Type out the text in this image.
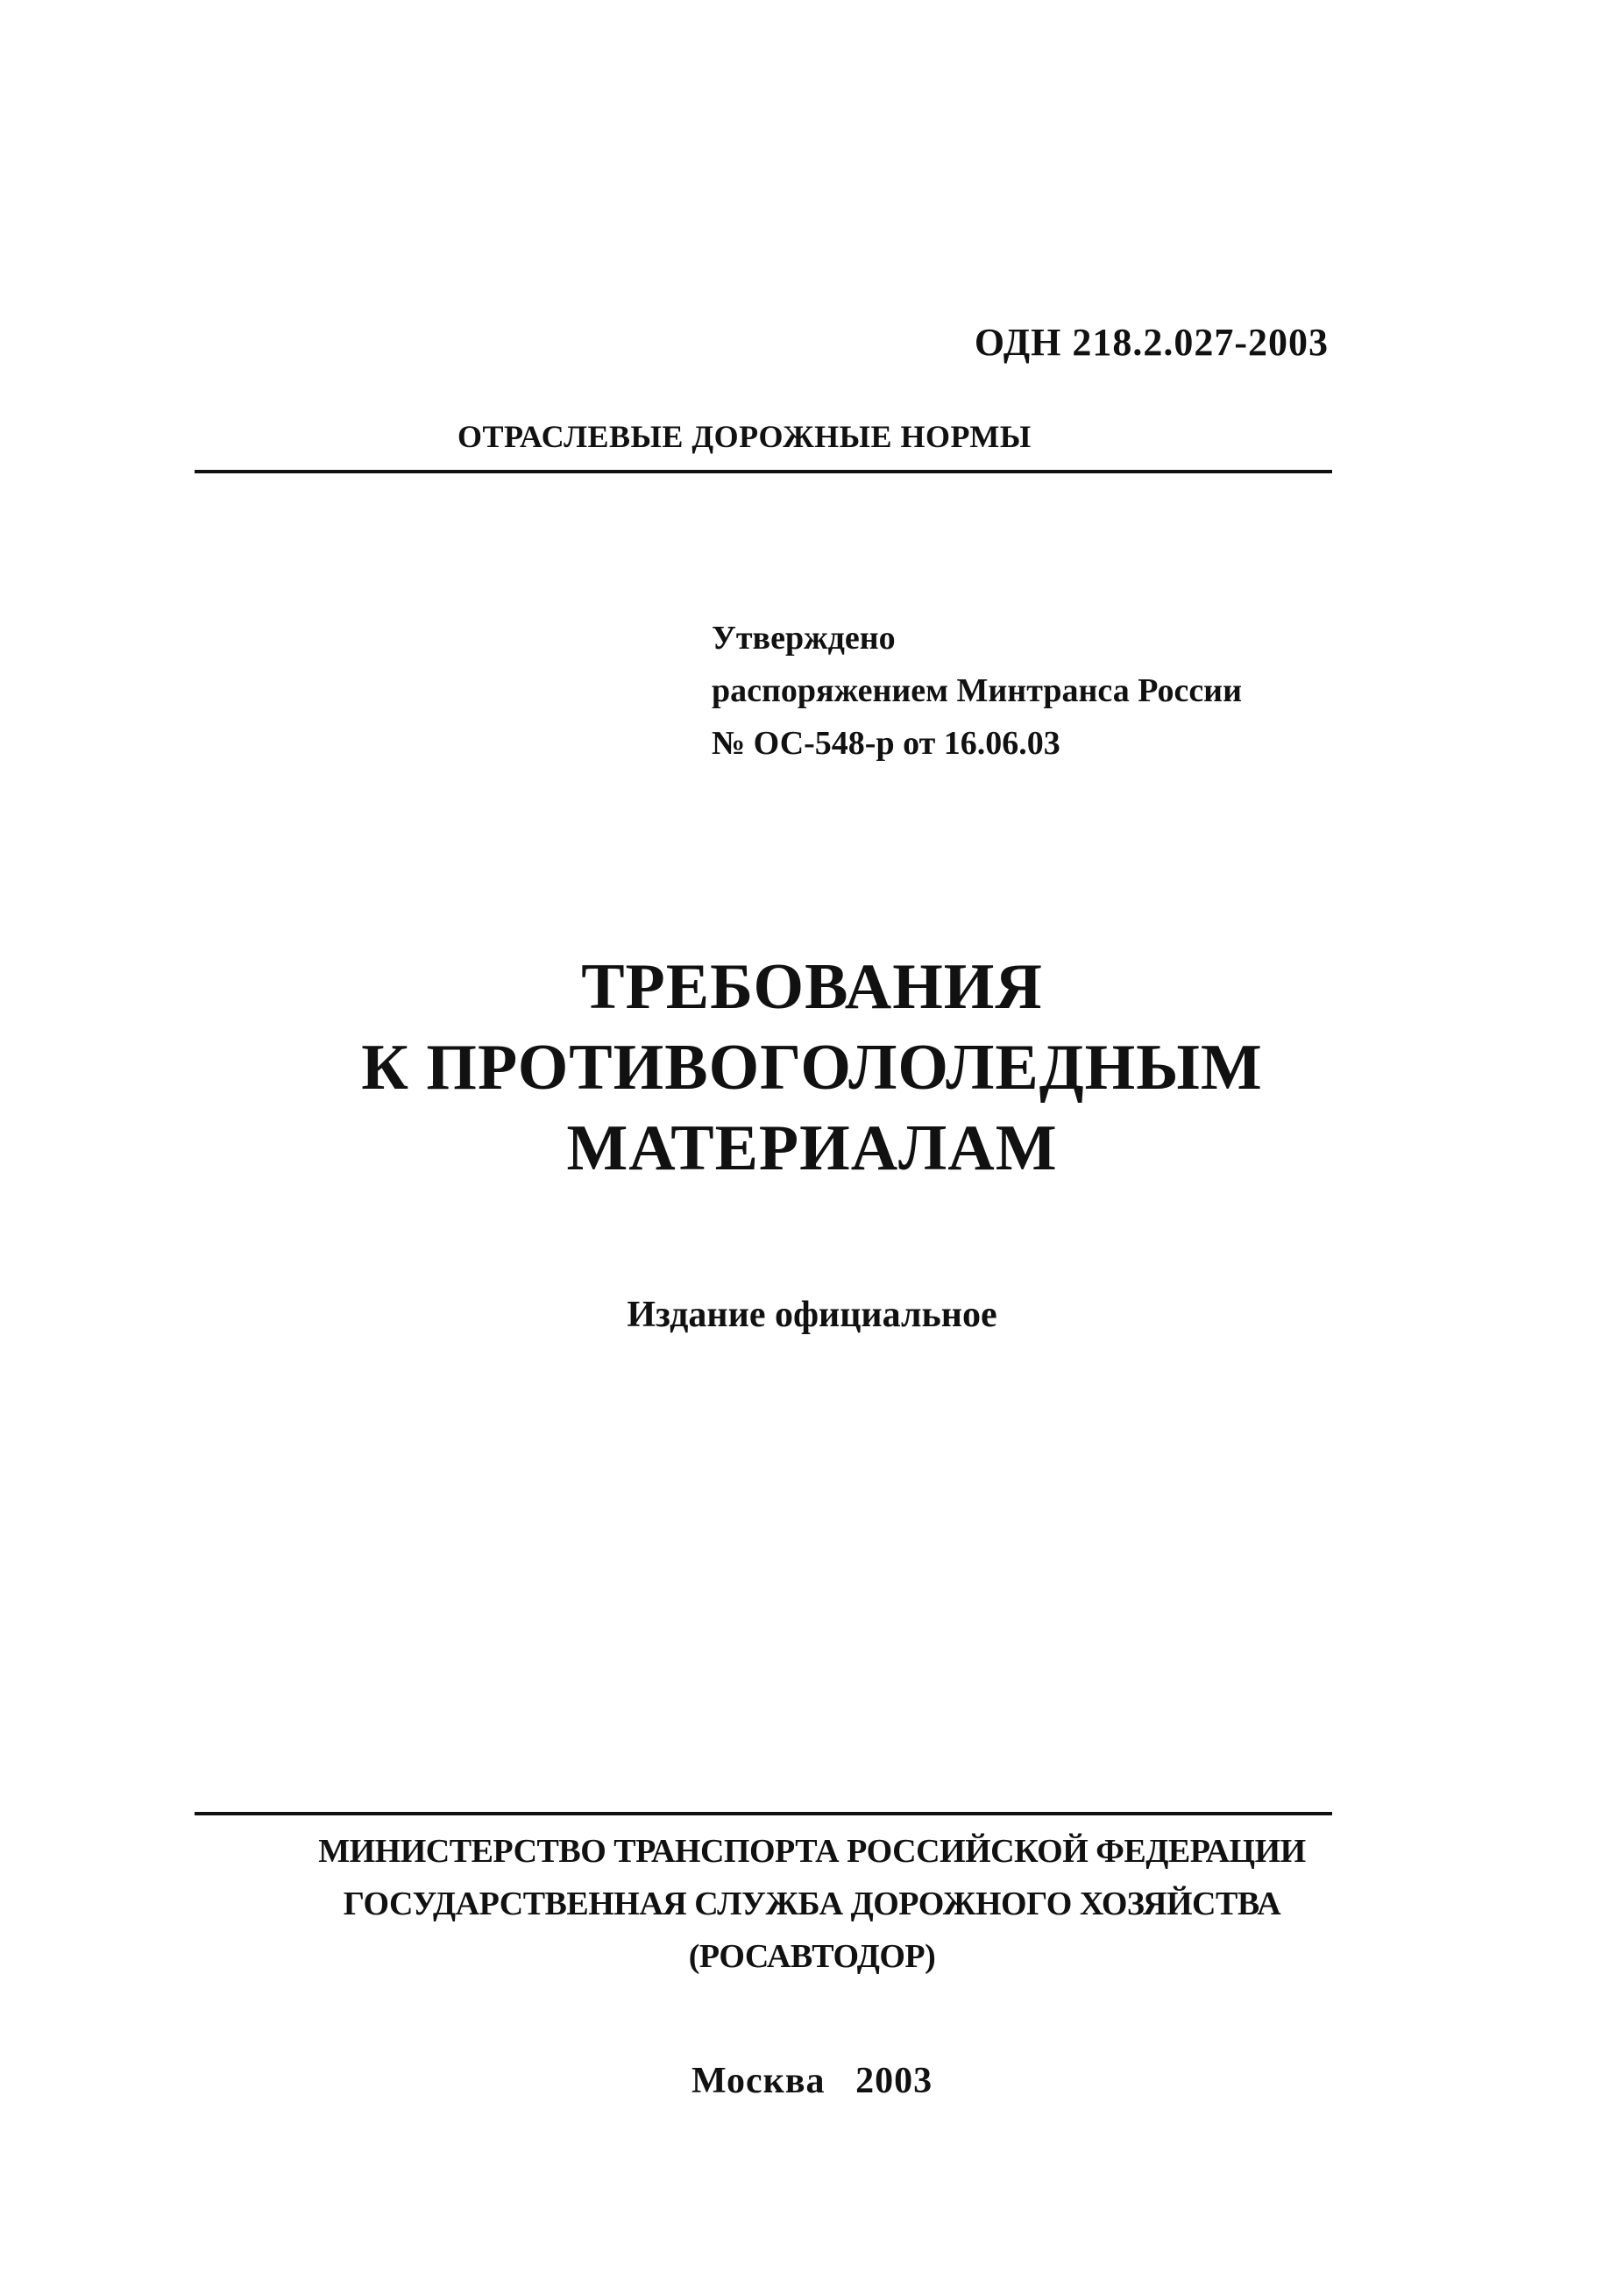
ОДН 218.2.027-2003
ОТРАСЛЕВЫЕ ДОРОЖНЫЕ НОРМЫ
Утверждено
распоряжением Минтранса России
№ ОС-548-р от 16.06.03
ТРЕБОВАНИЯ
К ПРОТИВОГОЛОЛЕДНЫМ
МАТЕРИАЛАМ
Издание официальное
МИНИСТЕРСТВО ТРАНСПОРТА РОССИЙСКОЙ ФЕДЕРАЦИИ
ГОСУДАРСТВЕННАЯ СЛУЖБА ДОРОЖНОГО ХОЗЯЙСТВА
(РОСАВТОДОР)
Москва 2003
